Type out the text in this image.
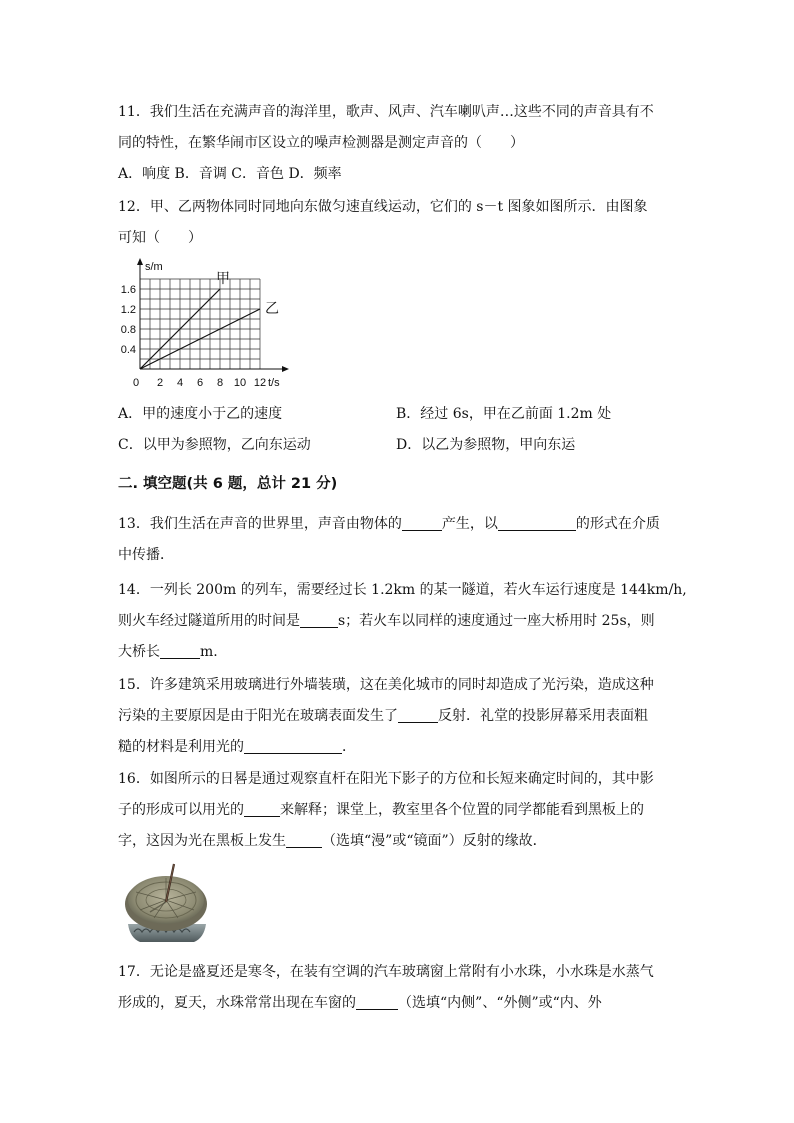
11．我们生活在充满声音的海洋里，歌声、风声、汽车喇叭声…这些不同的声音具有不
同的特性，在繁华闹市区设立的噪声检测器是测定声音的（　　）
A．响度 B．音调 C．音色 D．频率
12．甲、乙两物体同时同地向东做匀速直线运动，它们的 s－t 图象如图所示．由图象
可知（　　）
s/m
0 2 4 6 8 10 12 t/s
0.4
0.8
1.2
1.6
甲
乙
A．甲的速度小于乙的速度	B．经过 6s，甲在乙前面 1.2m 处
C．以甲为参照物，乙向东运动	D．以乙为参照物，甲向东运
二. 填空题(共 6 题，总计 21 分)
13．我们生活在声音的世界里，声音由物体的	产生，以	的形式在介质
中传播．
14．一列长 200m 的列车，需要经过长 1.2km 的某一隧道，若火车运行速度是 144km/h,
则火车经过隧道所用的时间是	s；若火车以同样的速度通过一座大桥用时 25s，则
大桥长	m.
15．许多建筑采用玻璃进行外墙装璜，这在美化城市的同时却造成了光污染，造成这种
污染的主要原因是由于阳光在玻璃表面发生了	反射．礼堂的投影屏幕采用表面粗
糙的材料是利用光的	．
16．如图所示的日晷是通过观察直杆在阳光下影子的方位和长短来确定时间的，其中影
子的形成可以用光的	来解释；课堂上，教室里各个位置的同学都能看到黑板上的
字，这因为光在黑板上发生	（选填“漫”或“镜面”）反射的缘故．
17．无论是盛夏还是寒冬，在装有空调的汽车玻璃窗上常附有小水珠，小水珠是水蒸气
形成的，夏天，水珠常常出现在车窗的	（选填“内侧”、“外侧”或“内、外
